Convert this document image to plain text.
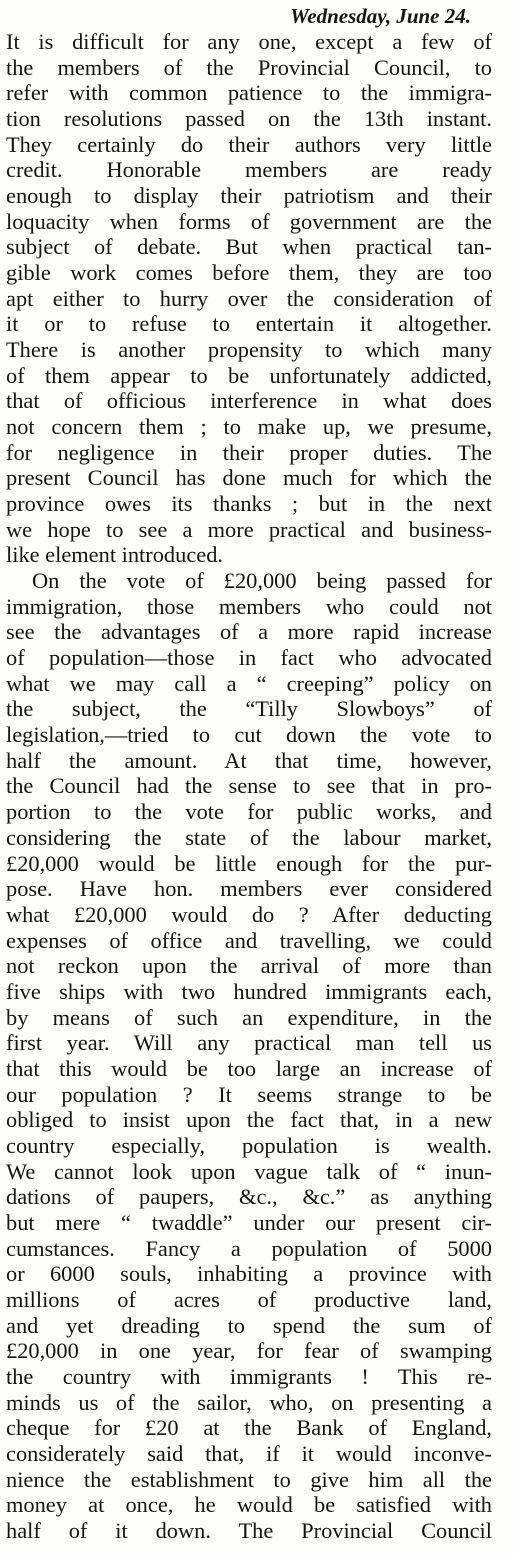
Wednesday, June 24.
It is difficult for any one, except a few of
the members of the Provincial Council, to
refer with common patience to the immigra-
tion resolutions passed on the 13th instant.
They certainly do their authors very little
credit. Honorable members are ready
enough to display their patriotism and their
loquacity when forms of government are the
subject of debate. But when practical tan-
gible work comes before them, they are too
apt either to hurry over the consideration of
it or to refuse to entertain it altogether.
There is another propensity to which many
of them appear to be unfortunately addicted,
that of officious interference in what does
not concern them ; to make up, we presume,
for negligence in their proper duties. The
present Council has done much for which the
province owes its thanks ; but in the next
we hope to see a more practical and business-
like element introduced.
On the vote of £20,000 being passed for
immigration, those members who could not
see the advantages of a more rapid increase
of population—those in fact who advocated
what we may call a “ creeping” policy on
the subject, the “Tilly Slowboys” of
legislation,—tried to cut down the vote to
half the amount. At that time, however,
the Council had the sense to see that in pro-
portion to the vote for public works, and
considering the state of the labour market,
£20,000 would be little enough for the pur-
pose. Have hon. members ever considered
what £20,000 would do ? After deducting
expenses of office and travelling, we could
not reckon upon the arrival of more than
five ships with two hundred immigrants each,
by means of such an expenditure, in the
first year. Will any practical man tell us
that this would be too large an increase of
our population ? It seems strange to be
obliged to insist upon the fact that, in a new
country especially, population is wealth.
We cannot look upon vague talk of “ inun-
dations of paupers, &c., &c.” as anything
but mere “ twaddle” under our present cir-
cumstances. Fancy a population of 5000
or 6000 souls, inhabiting a province with
millions of acres of productive land,
and yet dreading to spend the sum of
£20,000 in one year, for fear of swamping
the country with immigrants ! This re-
minds us of the sailor, who, on presenting a
cheque for £20 at the Bank of England,
considerately said that, if it would inconve-
nience the establishment to give him all the
money at once, he would be satisfied with
half of it down. The Provincial Council
